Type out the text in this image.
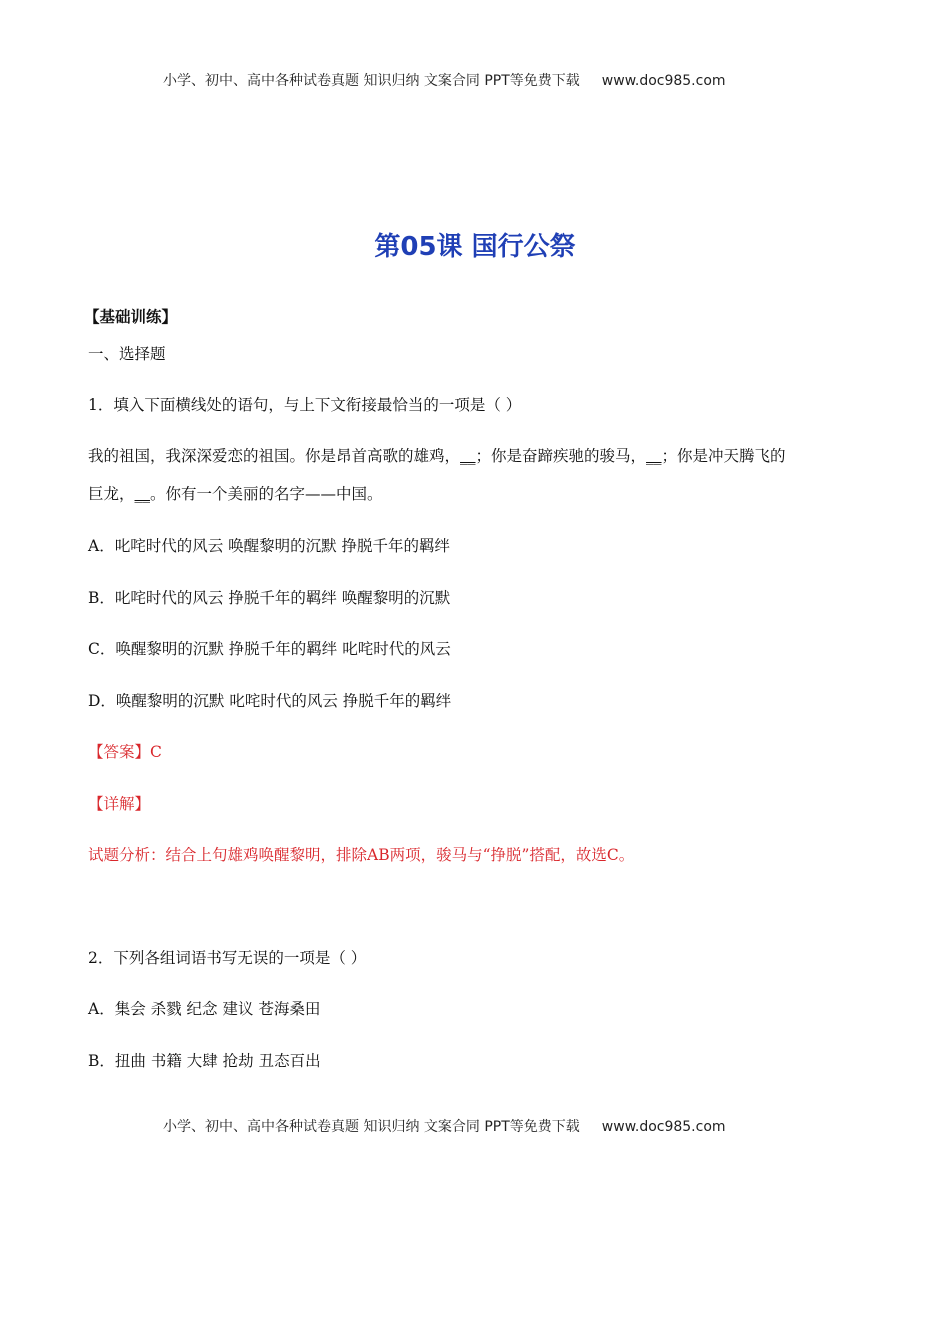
小学、初中、高中各种试卷真题 知识归纳 文案合同 PPT等免费下载 www.doc985.com
第05课 国行公祭
【基础训练】
一、选择题
1．填入下面横线处的语句，与上下文衔接最恰当的一项是（ ）
我的祖国，我深深爱恋的祖国。你是昂首高歌的雄鸡，__；你是奋蹄疾驰的骏马，__；你是冲天腾飞的
巨龙，__。你有一个美丽的名字——中国。
A．叱咤时代的风云 唤醒黎明的沉默 挣脱千年的羁绊
B．叱咤时代的风云 挣脱千年的羁绊 唤醒黎明的沉默
C．唤醒黎明的沉默 挣脱千年的羁绊 叱咤时代的风云
D．唤醒黎明的沉默 叱咤时代的风云 挣脱千年的羁绊
【答案】C
【详解】
试题分析：结合上句雄鸡唤醒黎明，排除AB两项，骏马与“挣脱”搭配，故选C。
2．下列各组词语书写无误的一项是（ ）
A．集会 杀戮 纪念 建议 苍海桑田
B．扭曲 书籍 大肆 抢劫 丑态百出
小学、初中、高中各种试卷真题 知识归纳 文案合同 PPT等免费下载 www.doc985.com
